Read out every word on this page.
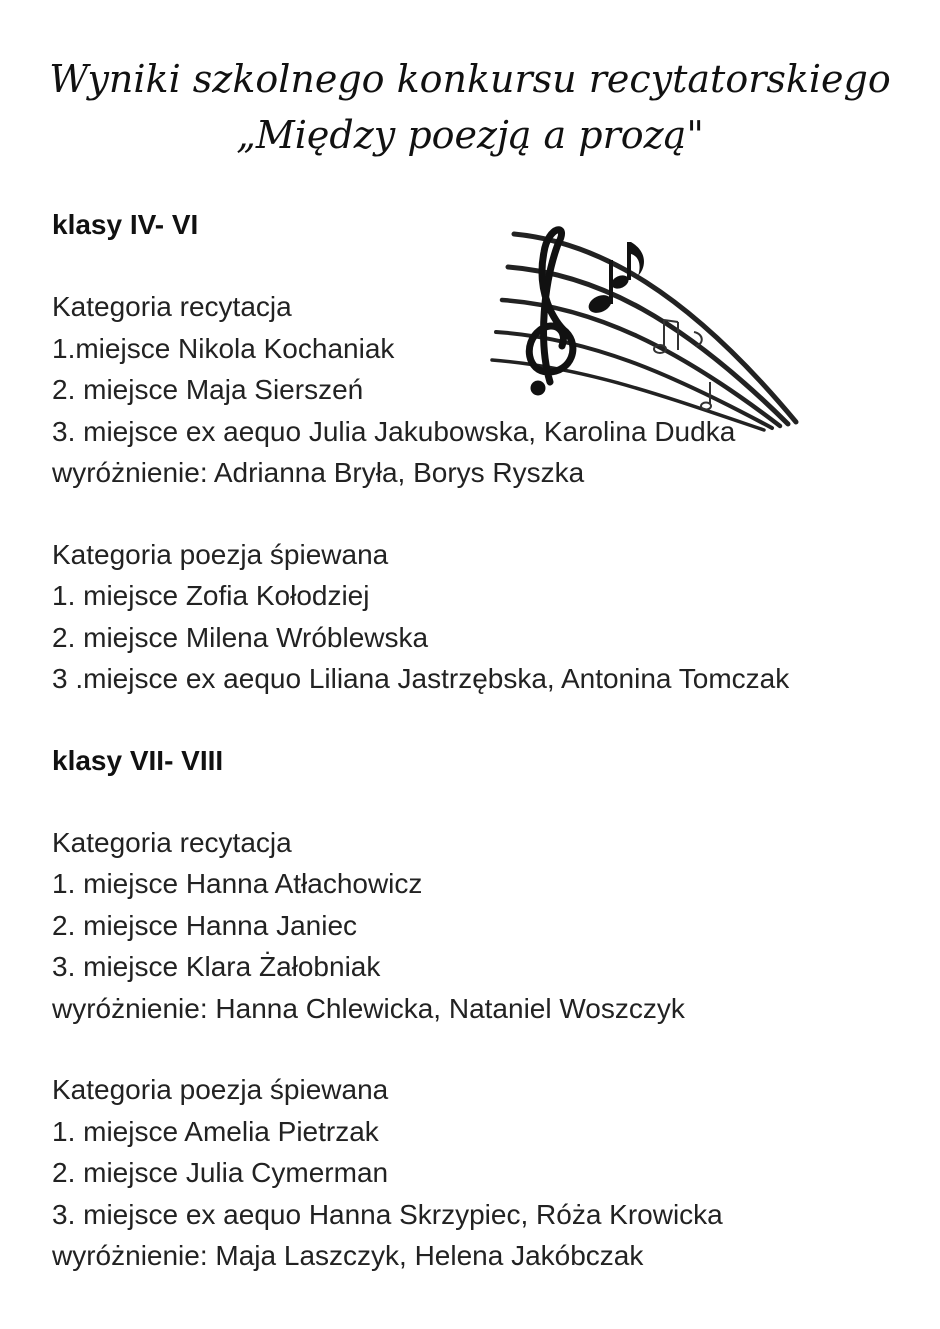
Wyniki szkolnego konkursu recytatorskiego
„Między poezją a prozą"

klasy IV- VI

Kategoria recytacja

1.miejsce Nikola Kochaniak

2. miejsce Maja Sierszeń

3. miejsce ex aequo Julia Jakubowska, Karolina Dudka

wyróżnienie: Adrianna Bryła, Borys Ryszka

Kategoria poezja śpiewana

1. miejsce Zofia Kołodziej

2. miejsce Milena Wróblewska

3 .miejsce ex aequo Liliana Jastrzębska, Antonina Tomczak

klasy VII- VIII

Kategoria recytacja

1. miejsce Hanna Atłachowicz

2. miejsce Hanna Janiec

3. miejsce Klara Żałobniak

wyróżnienie: Hanna Chlewicka, Nataniel Woszczyk

Kategoria poezja śpiewana

1. miejsce Amelia Pietrzak

2. miejsce Julia Cymerman

3. miejsce ex aequo Hanna Skrzypiec, Róża Krowicka

wyróżnienie: Maja Laszczyk, Helena Jakóbczak
